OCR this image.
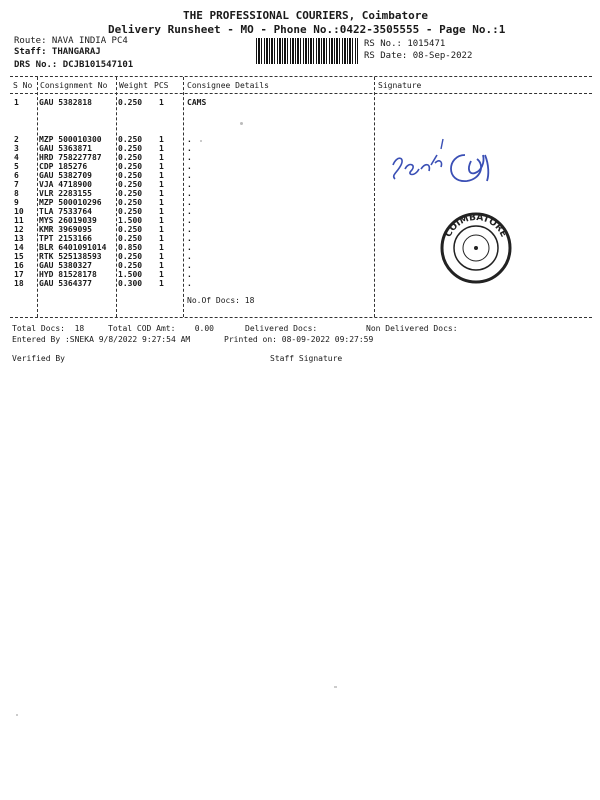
THE PROFESSIONAL COURIERS, Coimbatore
Delivery Runsheet - MO - Phone No.:0422-3505555 - Page No.:1
Route: NAVA INDIA PC4
Staff: THANGARAJ
DRS No.: DCJB101547101
RS No.: 1015471
RS Date: 08-Sep-2022
S No Consignment No Weight PCS Consignee Details	Signature
1	GAU 5382818	0.250 1	CAMS
2	MZP 500010300 0.250 1	.
3	GAU 5363871	0.250 1	.
4	HRD 758227787 0.250 1	.
5	CDP 185276	0.250 1	.
6	GAU 5382709	0.250 1	.
7	VJA 4718900	0.250 1	.
8	VLR 2283155	0.250 1	.
9	MZP 500010296 0.250 1	.
10 TLA 7533764	0.250 1	.
11 MYS 26019039	1.500 1	.
12 KMR 3969095	0.250 1	.
13 TPT 2153166	0.250 1	.
14 BLR 6401091014 0.850 1	.
15 RTK 525138593 0.250 1	.
16 GAU 5380327	0.250 1	.
17 HYD 81528178	1.500 1	.
18 GAU 5364377	0.300 1	.
No.Of Docs: 18
COIMBATORE
Total Docs:  18	Total COD Amt:    0.00	Delivered Docs:	Non Delivered Docs:
Entered By :SNEKA 9/8/2022 9:27:54 AM	Printed on: 08-09-2022 09:27:59
Verified By	Staff Signature
